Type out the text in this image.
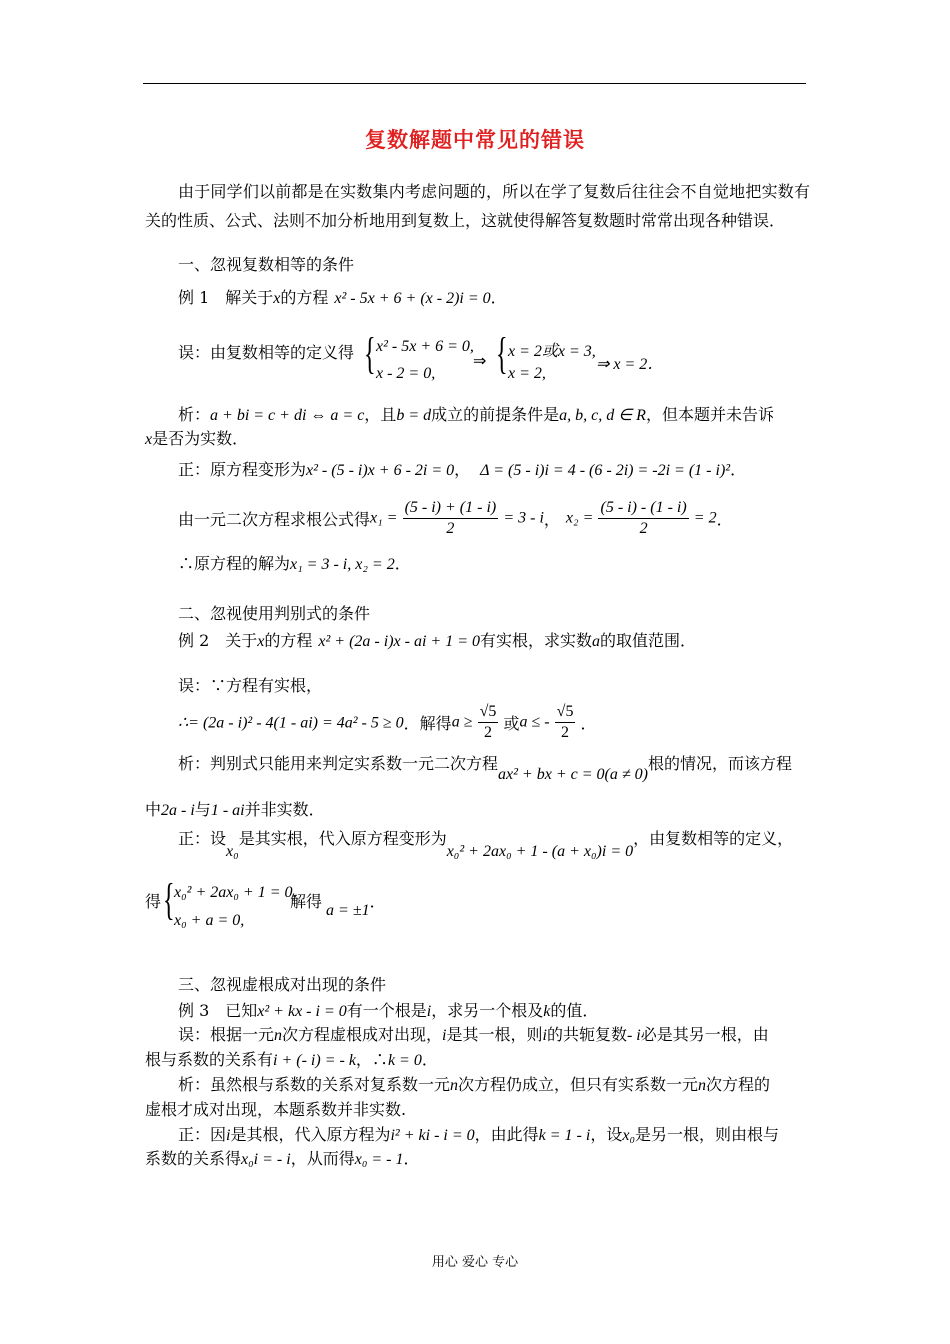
复数解题中常见的错误
由于同学们以前都是在实数集内考虑问题的，所以在学了复数后往往会不自觉地把实数有关的性质、公式、法则不加分析地用到复数上，这就使得解答复数题时常常出现各种错误．
一、忽视复数相等的条件
例 1　解关于x的方程 x² - 5x + 6 + (x - 2)i = 0．
误：由复数相等的定义得 { x² - 5x + 6 = 0,
x - 2 = 0,
⇒ { x = 2或x = 3,
x = 2,
⇒ x = 2．
析：a + bi = c + di ⇔ a = c，且b = d成立的前提条件是a, b, c, d ∈ R，但本题并未告诉
x是否为实数．
正：原方程变形为x² - (5 - i)x + 6 - 2i = 0， Δ = (5 - i)i = 4 - (6 - 2i) = -2i = (1 - i)²．
由一元二次方程求根公式得$x_1 = \frac{(5 - i) + (1 - i)}{2} = 3 - i$， $x_2 = \frac{(5 - i) - (1 - i)}{2} = 2$．
∴原方程的解为x₁ = 3 - i, x₂ = 2．
二、忽视使用判别式的条件
例 2　关于x的方程 x² + (2a - i)x - ai + 1 = 0有实根，求实数a的取值范围．
误：∵方程有实根，
∴= (2a - i)² - 4(1 - ai) = 4a² - 5 ≥ 0．解得$a \ge \frac{√5}{2}$ 或a ≤ - $\frac{√5}{2}$ ．
析：判别式只能用来判定实系数一元二次方程ax² + bx + c = 0(a ≠ 0)根的情况，而该方程
中2a - i与1 - ai并非实数．
正：设x₀是其实根，代入原方程变形为x₀² + 2ax₀ + 1 - (a + x₀)i = 0，由复数相等的定义，
得 { x₀² + 2ax₀ + 1 = 0,
x₀ + a = 0,
解得 a = ±1．
三、忽视虚根成对出现的条件
例 3　已知x² + kx - i = 0有一个根是i，求另一个根及k的值．
误：根据一元n次方程虚根成对出现，i是其一根，则i的共轭复数- i必是其另一根，由
根与系数的关系有i + (- i) = - k，∴k = 0．
析：虽然根与系数的关系对复系数一元n次方程仍成立，但只有实系数一元n次方程的
虚根才成对出现，本题系数并非实数.
正：因i是其根，代入原方程为i² + ki - i = 0，由此得k = 1 - i，设x₀是另一根，则由根与
系数的关系得x₀i = - i，从而得x₀ = - 1．
用心 爱心 专心
